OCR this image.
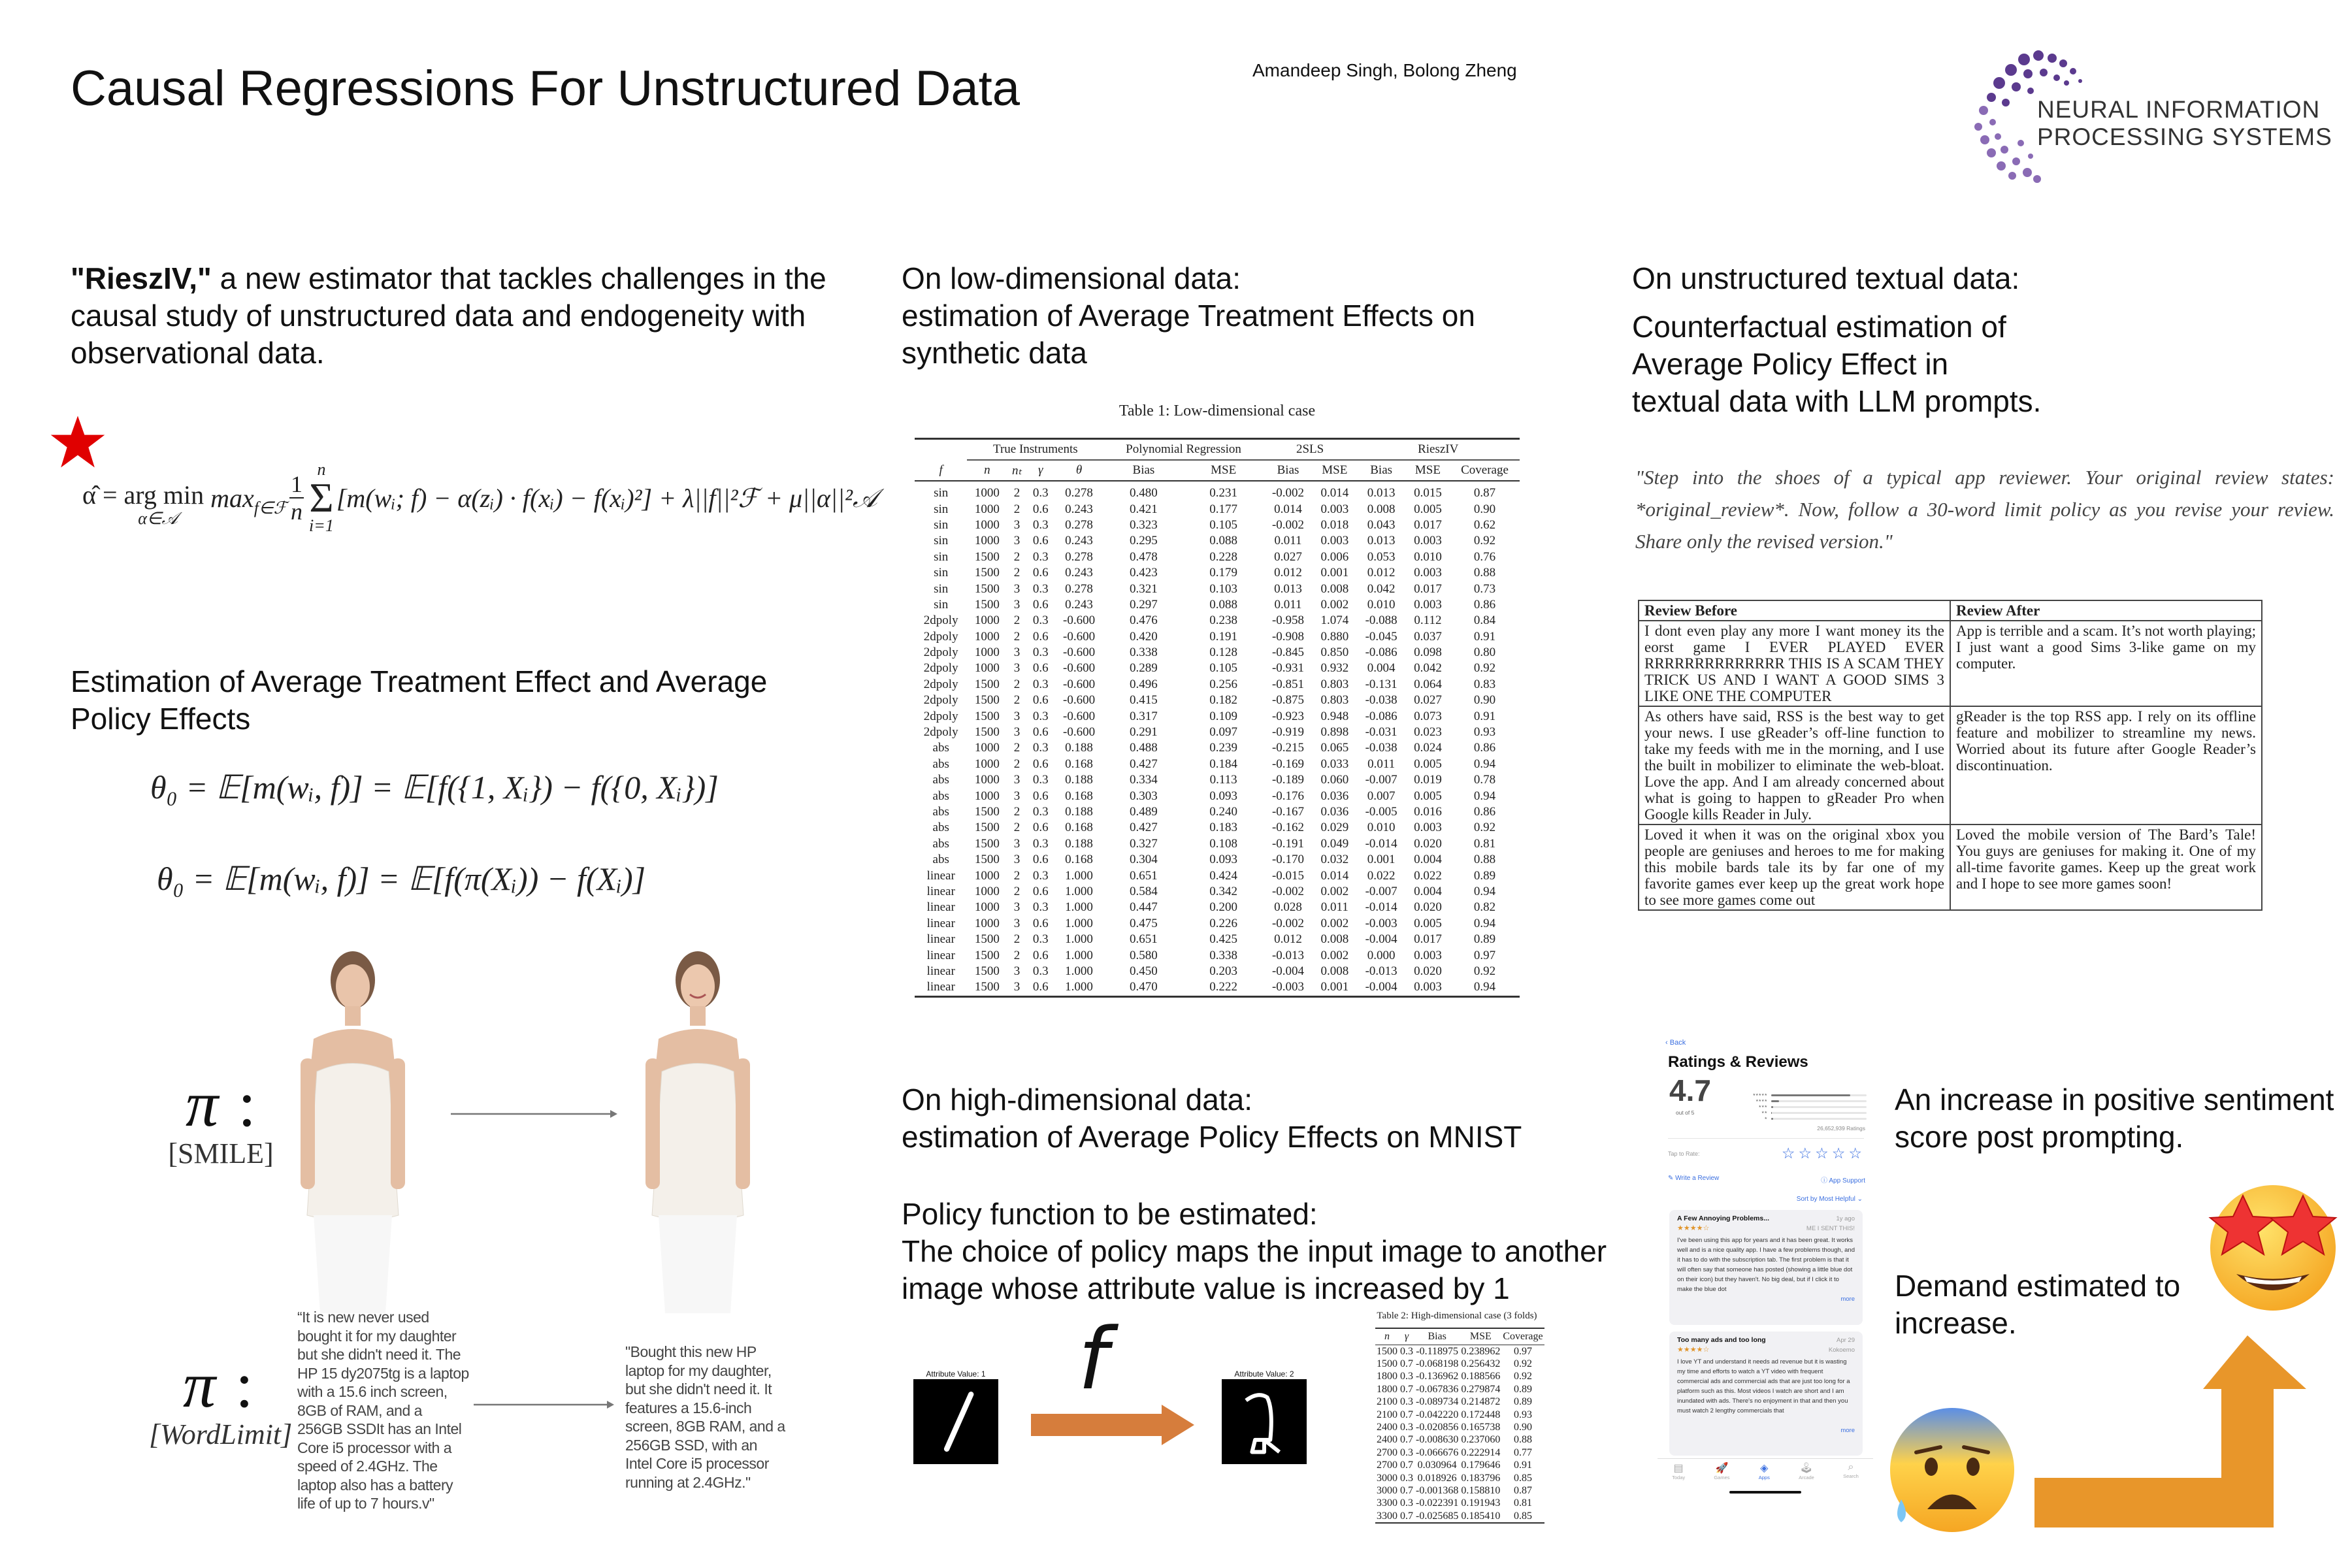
Causal Regressions For Unstructured Data	Amandeep Singh, Bolong Zheng
NEURAL INFORMATION
PROCESSING SYSTEMS
"RieszIV," a new estimator that tackles challenges in the causal study of unstructured data and endogeneity with observational data.
α̂ = arg min
α∈𝒜
$\max_{f\in ℱ} \frac{1}{n}$
n
Σ
i=1
[m(wᵢ; f) − α(zᵢ) · f(xᵢ) − f(xᵢ)²] + λ||f||²ℱ + μ||α||²𝒜
Estimation of Average Treatment Effect and Average Policy Effects
θ₀ = 𝔼[m(wᵢ, f)] = 𝔼[f({1, Xᵢ}) − f({0, Xᵢ})]
θ₀ = 𝔼[m(wᵢ, f)] = 𝔼[f(π(Xᵢ)) − f(Xᵢ)]
π :
[SMILE]
π :
[WordLimit]
“It is new never used bought it for my daughter but she didn't need it. The HP 15 dy2075tg is a laptop with a 15.6 inch screen, 8GB of RAM, and a 256GB SSDIt has an Intel Core i5 processor with a speed of 2.4GHz. The laptop also has a battery life of up to 7 hours.v"
"Bought this new HP laptop for my daughter, but she didn't need it. It features a 15.6-inch screen, 8GB RAM, and a 256GB SSD, with an Intel Core i5 processor running at 2.4GHz."
On low-dimensional data:
estimation of Average Treatment Effects on synthetic data
Table 1: Low-dimensional case
	True Instruments				Polynomial Regression		2SLS		RieszIV		
f	n	nₜ	γ	θ	Bias	MSE	Bias	MSE	Bias	MSE	Coverage
sin	1000	2	0.3	0.278	0.480	0.231	-0.002	0.014	0.013	0.015	0.87
sin	1000	2	0.6	0.243	0.421	0.177	0.014	0.003	0.008	0.005	0.90
sin	1000	3	0.3	0.278	0.323	0.105	-0.002	0.018	0.043	0.017	0.62
sin	1000	3	0.6	0.243	0.295	0.088	0.011	0.003	0.013	0.003	0.92
sin	1500	2	0.3	0.278	0.478	0.228	0.027	0.006	0.053	0.010	0.76
sin	1500	2	0.6	0.243	0.423	0.179	0.012	0.001	0.012	0.003	0.88
sin	1500	3	0.3	0.278	0.321	0.103	0.013	0.008	0.042	0.017	0.73
sin	1500	3	0.6	0.243	0.297	0.088	0.011	0.002	0.010	0.003	0.86
2dpoly	1000	2	0.3	-0.600	0.476	0.238	-0.958	1.074	-0.088	0.112	0.84
2dpoly	1000	2	0.6	-0.600	0.420	0.191	-0.908	0.880	-0.045	0.037	0.91
2dpoly	1000	3	0.3	-0.600	0.338	0.128	-0.845	0.850	-0.086	0.098	0.80
2dpoly	1000	3	0.6	-0.600	0.289	0.105	-0.931	0.932	0.004	0.042	0.92
2dpoly	1500	2	0.3	-0.600	0.496	0.256	-0.851	0.803	-0.131	0.064	0.83
2dpoly	1500	2	0.6	-0.600	0.415	0.182	-0.875	0.803	-0.038	0.027	0.90
2dpoly	1500	3	0.3	-0.600	0.317	0.109	-0.923	0.948	-0.086	0.073	0.91
2dpoly	1500	3	0.6	-0.600	0.291	0.097	-0.919	0.898	-0.031	0.023	0.93
abs	1000	2	0.3	0.188	0.488	0.239	-0.215	0.065	-0.038	0.024	0.86
abs	1000	2	0.6	0.168	0.427	0.184	-0.169	0.033	0.011	0.005	0.94
abs	1000	3	0.3	0.188	0.334	0.113	-0.189	0.060	-0.007	0.019	0.78
abs	1000	3	0.6	0.168	0.303	0.093	-0.176	0.036	0.007	0.005	0.94
abs	1500	2	0.3	0.188	0.489	0.240	-0.167	0.036	-0.005	0.016	0.86
abs	1500	2	0.6	0.168	0.427	0.183	-0.162	0.029	0.010	0.003	0.92
abs	1500	3	0.3	0.188	0.327	0.108	-0.191	0.049	-0.014	0.020	0.81
abs	1500	3	0.6	0.168	0.304	0.093	-0.170	0.032	0.001	0.004	0.88
linear	1000	2	0.3	1.000	0.651	0.424	-0.015	0.014	0.022	0.022	0.89
linear	1000	2	0.6	1.000	0.584	0.342	-0.002	0.002	-0.007	0.004	0.94
linear	1000	3	0.3	1.000	0.447	0.200	0.028	0.011	-0.014	0.020	0.82
linear	1000	3	0.6	1.000	0.475	0.226	-0.002	0.002	-0.003	0.005	0.94
linear	1500	2	0.3	1.000	0.651	0.425	0.012	0.008	-0.004	0.017	0.89
linear	1500	2	0.6	1.000	0.580	0.338	-0.013	0.002	0.000	0.003	0.97
linear	1500	3	0.3	1.000	0.450	0.203	-0.004	0.008	-0.013	0.020	0.92
linear	1500	3	0.6	1.000	0.470	0.222	-0.003	0.001	-0.004	0.003	0.94
On high-dimensional data:
estimation of Average Policy Effects on MNIST
Policy function to be estimated:
The choice of policy maps the input image to another image whose attribute value is increased by 1
Attribute Value: 1 f	Attribute Value: 2
Table 2: High-dimensional case (3 folds)
n	γ	Bias	MSE	Coverage
1500	0.3	-0.118975	0.238962	0.97
1500	0.7	-0.068198	0.256432	0.92
1800	0.3	-0.136962	0.188566	0.92
1800	0.7	-0.067836	0.279874	0.89
2100	0.3	-0.089734	0.214872	0.89
2100	0.7	-0.042220	0.172448	0.93
2400	0.3	-0.020856	0.165738	0.90
2400	0.7	-0.008630	0.237060	0.88
2700	0.3	-0.066676	0.222914	0.77
2700	0.7	0.030964	0.179646	0.91
3000	0.3	0.018926	0.183796	0.85
3000	0.7	-0.001368	0.158810	0.87
3300	0.3	-0.022391	0.191943	0.81
3300	0.7	-0.025685	0.185410	0.85
On unstructured textual data:
Counterfactual estimation of
Average Policy Effect in
textual data with LLM prompts.
"Step into the shoes of a typical app reviewer. Your original review states: *original_review*. Now, follow a 30-word limit policy as you revise your review. Share only the revised version."
Review Before	Review After
I dont even play any more I want money its the eorst game I EVER PLAYED EVER RRRRRRRRRRRRRR THIS IS A SCAM THEY TRICK US AND I WANT A GOOD SIMS 3 LIKE ONE THE COMPUTER	App is terrible and a scam. It’s not worth playing; I just want a good Sims 3-like game on my computer.
As others have said, RSS is the best way to get your news. I use gReader’s off-line function to take my feeds with me in the morning, and I use the built in mobilizer to eliminate the web-bloat. Love the app. And I am already concerned about what is going to happen to gReader Pro when Google kills Reader in July.	gReader is the top RSS app. I rely on its offline feature and mobilizer to streamline my news. Worried about its future after Google Reader’s discontinuation.
Loved it when it was on the original xbox you people are geniuses and heroes to me for making this mobile bards tale its by far one of my favorite games ever keep up the great work hope to see more games come out	Loved the mobile version of The Bard’s Tale! You guys are geniuses for making it. One of my all-time favorite games. Keep up the great work and I hope to see more games soon!
‹ Back
Ratings & Reviews
4.7
out of 5
★★★★★
★★★★
★★★
★★
★
26,652,939 Ratings
Tap to Rate:	☆☆☆☆☆
✎ Write a Review	ⓘ App Support
Sort by Most Helpful ⌄
A Few Annoying Problems...	1y ago
★★★★☆	ME I SENT THIS!
I've been using this app for years and it has been great. It works well and is a nice quality app. I have a few problems though, and it has to do with the subscription tab. The first problem is that it will often say that someone has posted (showing a little blue dot on their icon) but they haven't. No big deal, but if I click it to make the blue dot
more
Too many ads and too long	Apr 29
★★★★☆	Kokoemo
I love YT and understand it needs ad revenue but it is wasting my time and efforts to watch a YT video with frequent commercial ads and commercial ads that are just too long for a platform such as this. Most videos I watch are short and I am inundated with ads. There's no enjoyment in that and then you must watch 2 lengthy commercials that
more
▤
Today
🚀
Games
◈
Apps
🕹
Arcade
⌕
Search
An increase in positive sentiment score post prompting.
Demand estimated to increase.
